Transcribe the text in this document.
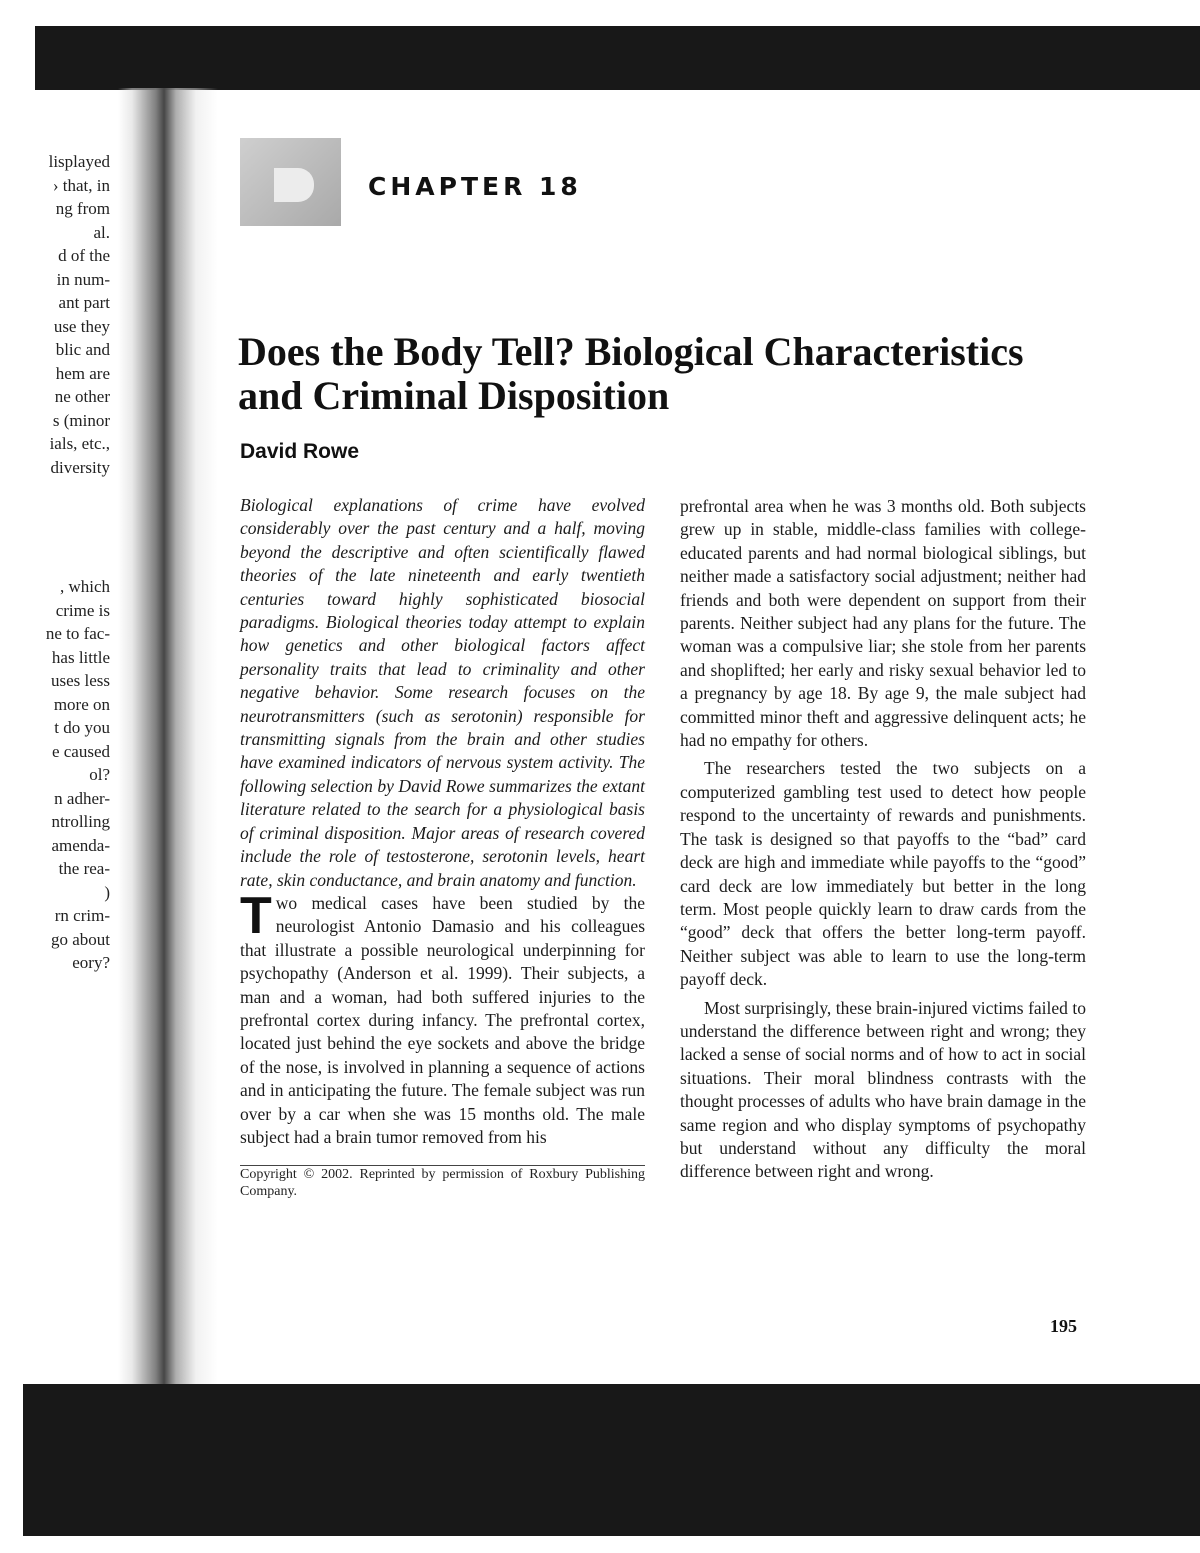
lisplayed
› that, in
ng from
al.
d of the
in num-
ant part
use they
blic and
hem are
ne other
s (minor
ials, etc.,
diversity
, which
crime is
ne to fac-
has little
uses less
more on
t do you
e caused
ol?
n adher-
ntrolling
amenda-
the rea-
)
rn crim-
go about
eory?
CHAPTER 18
Does the Body Tell? Biological Characteristics
and Criminal Disposition
David Rowe

Biological explanations of crime have evolved considerably over the past century and a half, moving beyond the descriptive and often scientifically flawed theories of the late nineteenth and early twentieth centuries toward highly sophisticated biosocial paradigms. Biological theories today attempt to explain how genetics and other biological factors affect personality traits that lead to criminality and other negative behavior. Some research focuses on the neurotransmitters (such as serotonin) responsible for transmitting signals from the brain and other studies have examined indicators of nervous system activity. The following selection by David Rowe summarizes the extant literature related to the search for a physiological basis of criminal disposition. Major areas of research covered include the role of testosterone, serotonin levels, heart rate, skin conductance, and brain anatomy and function.

Two medical cases have been studied by the neurologist Antonio Damasio and his colleagues that illustrate a possible neurological underpinning for psychopathy (Anderson et al. 1999). Their subjects, a man and a woman, had both suffered injuries to the prefrontal cortex during infancy. The prefrontal cortex, located just behind the eye sockets and above the bridge of the nose, is involved in planning a sequence of actions and in anticipating the future. The female subject was run over by a car when she was 15 months old. The male subject had a brain tumor removed from his

Copyright © 2002. Reprinted by permission of Roxbury Publishing Company.

prefrontal area when he was 3 months old. Both subjects grew up in stable, middle-class families with college-educated parents and had normal biological siblings, but neither made a satisfactory social adjustment; neither had friends and both were dependent on support from their parents. Neither subject had any plans for the future. The woman was a compulsive liar; she stole from her parents and shoplifted; her early and risky sexual behavior led to a pregnancy by age 18. By age 9, the male subject had committed minor theft and aggressive delinquent acts; he had no empathy for others.

The researchers tested the two subjects on a computerized gambling test used to detect how people respond to the uncertainty of rewards and punishments. The task is designed so that payoffs to the “bad” card deck are high and immediate while payoffs to the “good” card deck are low immediately but better in the long term. Most people quickly learn to draw cards from the “good” deck that offers the better long-term payoff. Neither subject was able to learn to use the long-term payoff deck.

Most surprisingly, these brain-injured victims failed to understand the difference between right and wrong; they lacked a sense of social norms and of how to act in social situations. Their moral blindness contrasts with the thought processes of adults who have brain damage in the same region and who display symptoms of psychopathy but understand without any difficulty the moral difference between right and wrong.

195
